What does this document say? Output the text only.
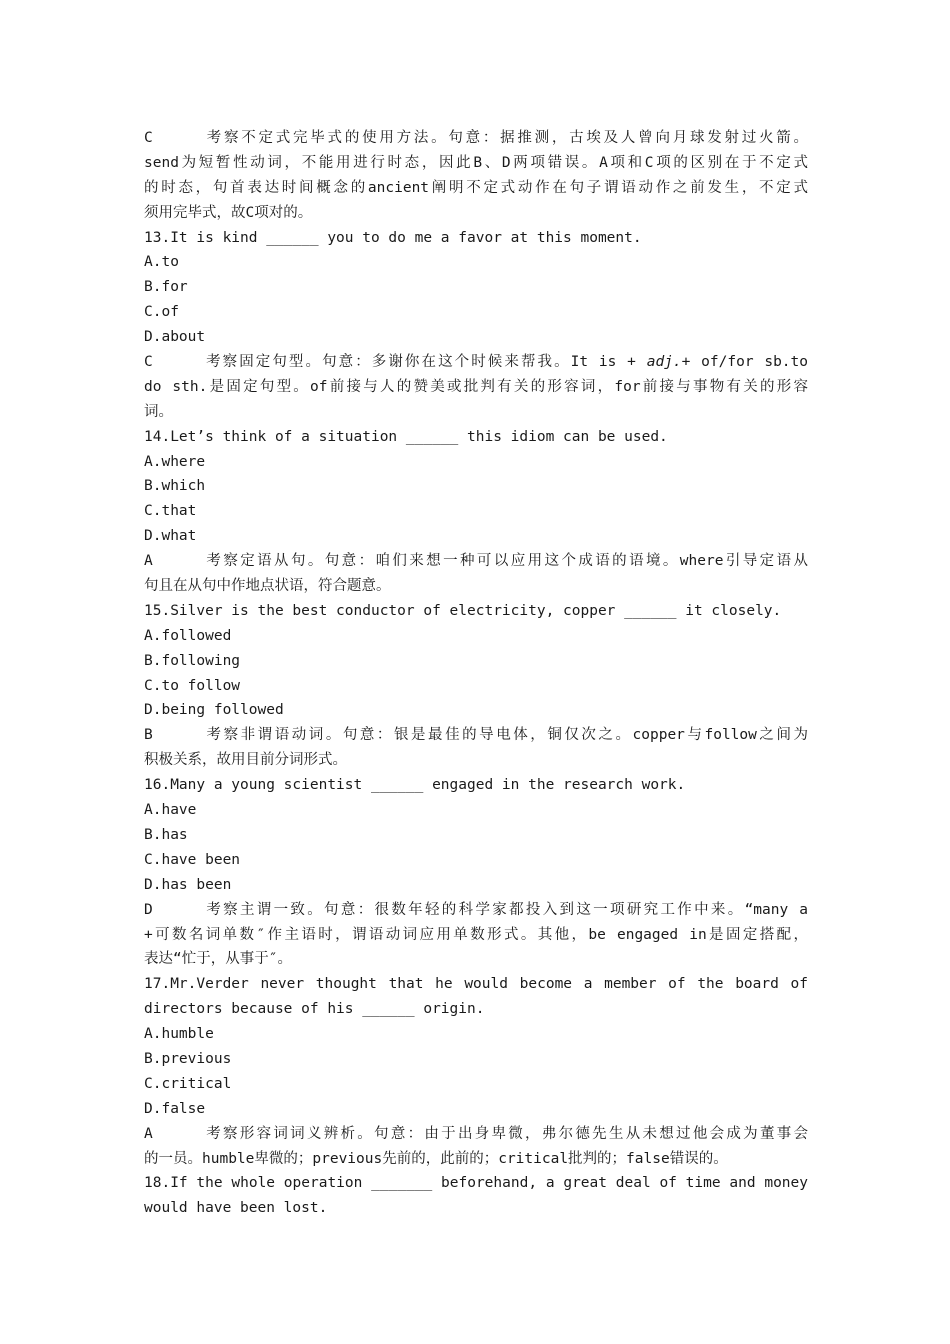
C	考察不定式完毕式的使用方法。句意：据推测，古埃及人曾向月球发射过火箭。
send为短暂性动词，不能用进行时态，因此B、D两项错误。A项和C项的区别在于不定式
的时态，句首表达时间概念的ancient阐明不定式动作在句子谓语动作之前发生，不定式
须用完毕式，故C项对的。
13.It is kind ______ you to do me a favor at this moment.
A.to
B.for
C.of
D.about
C	考察固定句型。句意：多谢你在这个时候来帮我。It is + adj.+ of/for sb.to
do sth.是固定句型。of前接与人的赞美或批判有关的形容词，for前接与事物有关的形容
词。
14.Let’s think of a situation ______ this idiom can be used.
A.where
B.which
C.that
D.what
A	考察定语从句。句意：咱们来想一种可以应用这个成语的语境。where引导定语从
句且在从句中作地点状语，符合题意。
15.Silver is the best conductor of electricity, copper ______ it closely.
A.followed
B.following
C.to follow
D.being followed
B	考察非谓语动词。句意：银是最佳的导电体，铜仅次之。copper与follow之间为
积极关系，故用目前分词形式。
16.Many a young scientist ______ engaged in the research work.
A.have
B.has
C.have been
D.has been
D	考察主谓一致。句意：很数年轻的科学家都投入到这一项研究工作中来。“many a
+可数名词单数″作主语时，谓语动词应用单数形式。其他，be engaged in是固定搭配，
表达“忙于，从事于″。
17.Mr.Verder never thought that he would become a member of the board of
directors because of his ______ origin.
A.humble
B.previous
C.critical
D.false
A	考察形容词词义辨析。句意：由于出身卑微，弗尔德先生从未想过他会成为董事会
的一员。humble卑微的；previous先前的，此前的；critical批判的；false错误的。
18.If the whole operation _______ beforehand, a great deal of time and money
would have been lost.
